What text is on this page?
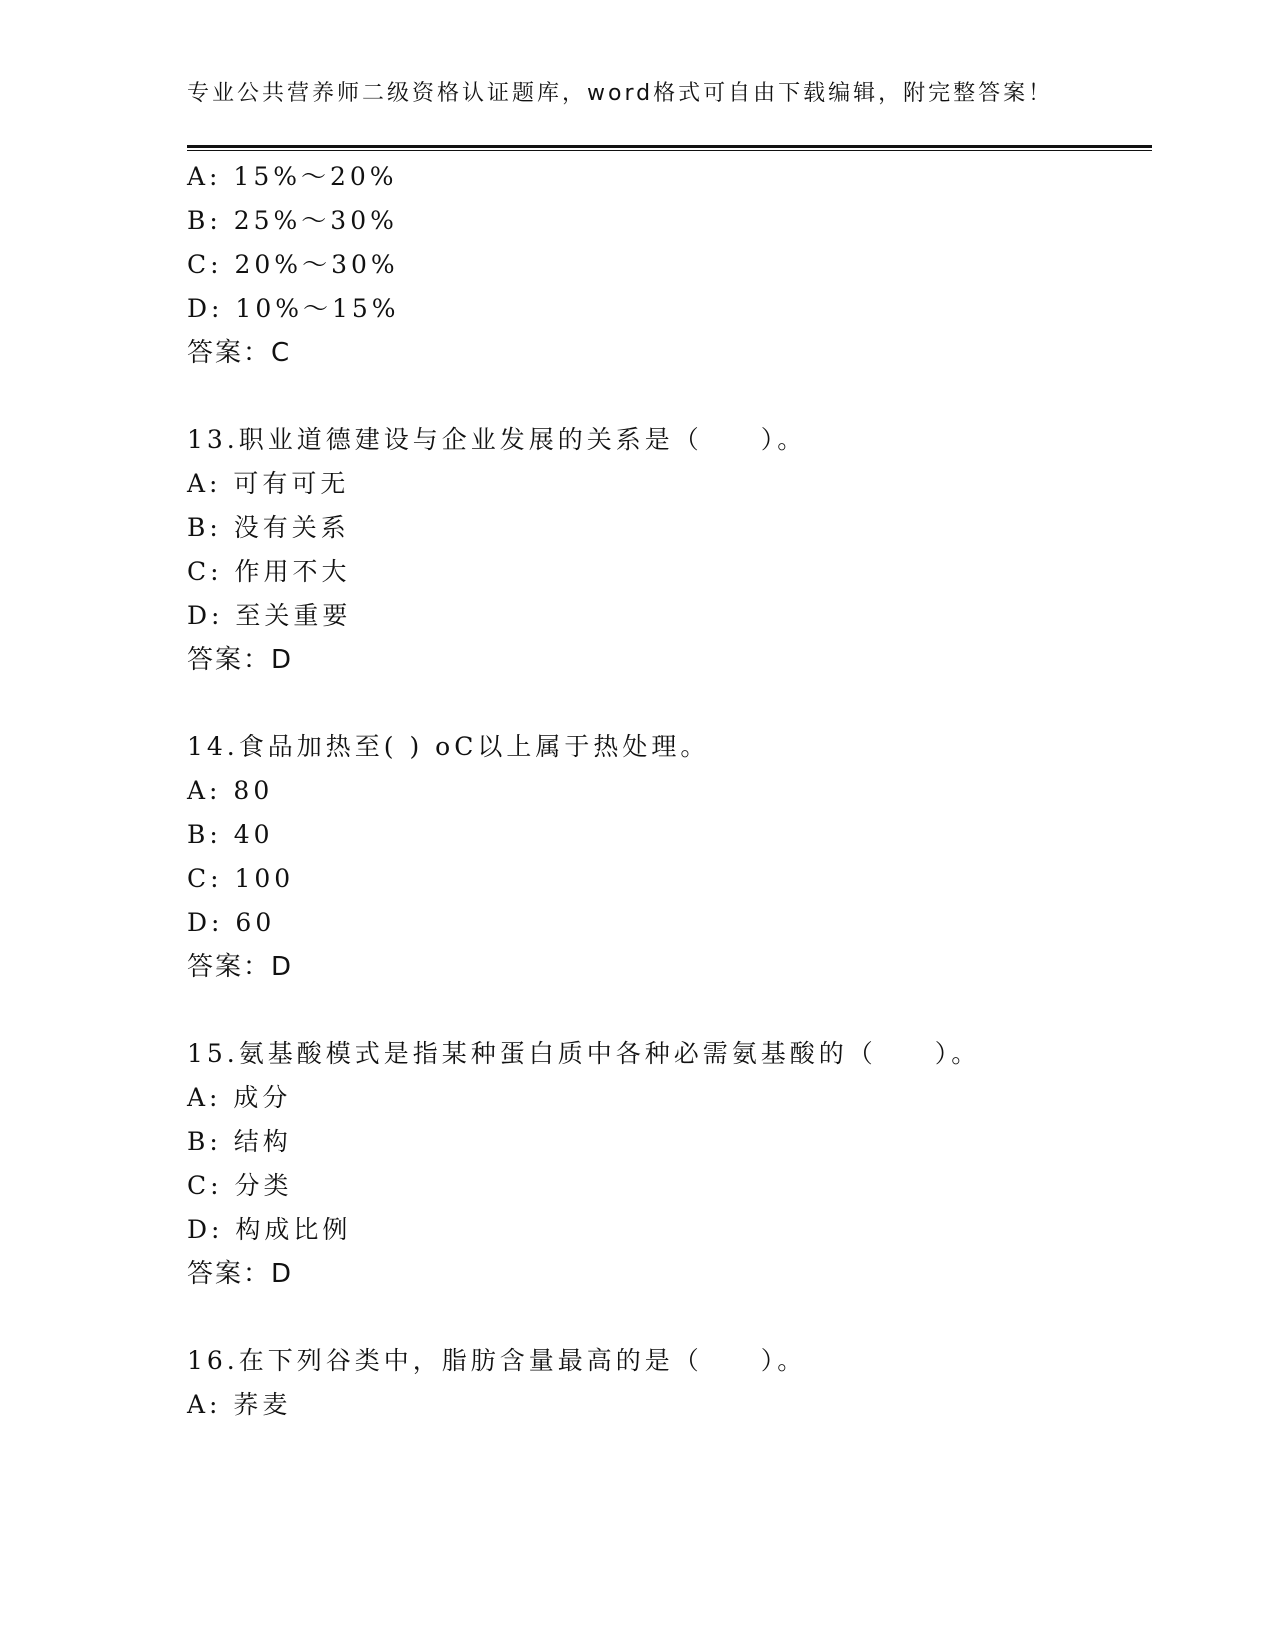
专业公共营养师二级资格认证题库，word格式可自由下载编辑，附完整答案！
A: 15%～20%
B: 25%～30%
C: 20%～30%
D: 10%～15%
答案：C
13.职业道德建设与企业发展的关系是（　　）。
A: 可有可无
B: 没有关系
C: 作用不大
D: 至关重要
答案：D
14.食品加热至( ) oC以上属于热处理。
A: 80
B: 40
C: 100
D: 60
答案：D
15.氨基酸模式是指某种蛋白质中各种必需氨基酸的（　　）。
A: 成分
B: 结构
C: 分类
D: 构成比例
答案：D
16.在下列谷类中，脂肪含量最高的是（　　）。
A: 荞麦
